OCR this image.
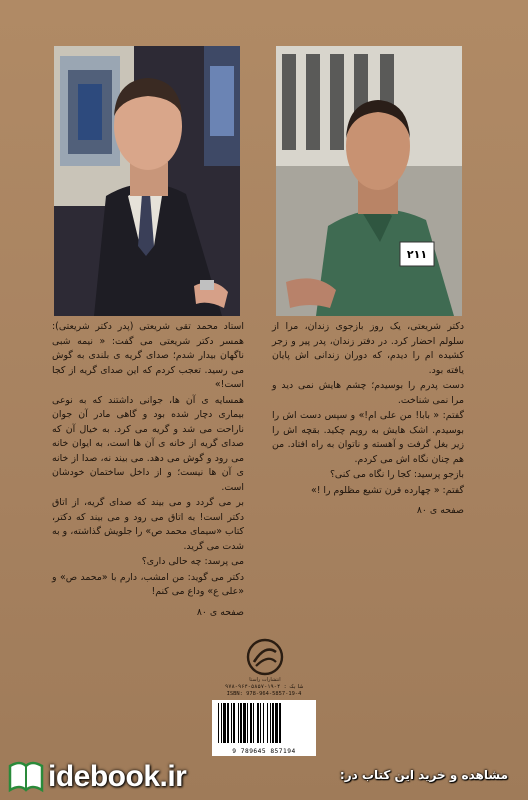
۲۱۱

استاد محمد تقی شریعتی (پدر دکتر شریعتی): همسر دکتر شریعتی می گفت: « نیمه شبی ناگهان بیدار شدم؛ صدای گریه ی بلندی به گوش می رسید. تعجب کردم که این صدای گریه از کجا است!»

همسایه ی آن ها، جوانی داشتند که به نوعی بیماری دچار شده بود و گاهی مادر آن جوان ناراحت می شد و گریه می کرد. به خیال آن که صدای گریه از خانه ی آن ها است، به ایوان خانه می رود و گوش می دهد. می بیند نه، صدا از خانه ی آن ها نیست؛ و از داخل ساختمان خودشان است.

بر می گردد و می بیند که صدای گریه، از اتاق دکتر است! به اتاق می رود و می بیند که دکتر، کتاب «سیمای محمد ص» را جلویش گذاشته، و به شدت می گرید.

می پرسد: چه حالی داری؟

دکتر می گوید: من امشب، دارم با «محمد ص» و «علی ع» وداع می کنم!

صفحه ی ۸۰

دکتر شریعتی، یک روز بازجوی زندان، مرا از سلولم احضار کرد. در دفتر زندان، پدر پیر و زجر کشیده ام را دیدم، که دوران زندانی اش پایان یافته بود.

دست پدرم را بوسیدم؛ چشم هایش نمی دید و مرا نمی شناخت.

گفتم: « بابا! من علی ام!» و سپس دست اش را بوسیدم. اشک هایش به رویم چکید. بقچه اش را زیر بغل گرفت و آهسته و ناتوان به راه افتاد. من هم چنان نگاه اش می کردم.

بازجو پرسید: کجا را نگاه می کنی؟

گفتم: « چهارده قرن تشیع مظلوم را !»

صفحه ی ۸۰

انتشارات راستا
شابک : ۴-۱۹-۵۸۵۷-۹۶۴-۹۷۸
ISBN: 978-964-5857-19-4
9 789645 857194
idebook.ir	مشاهده و خرید این کتاب در:
